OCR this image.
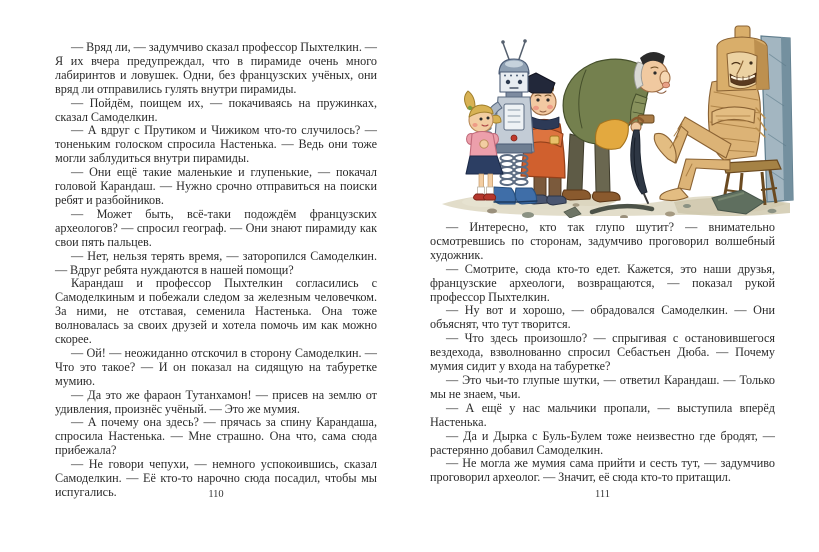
— Вряд ли, — задумчиво сказал профессор Пыхтелкин. — Я их вчера предупреждал, что в пирамиде очень много лабиринтов и ловушек. Одни, без французских учёных, они вряд ли отправились гулять внутри пирамиды.

— Пойдём, поищем их, — покачиваясь на пружинках, сказал Самоделкин.

— А вдруг с Прутиком и Чижиком что-то случилось? — тоненьким голоском спросила Настенька. — Ведь они тоже могли заблудиться внутри пирамиды.

— Они ещё такие маленькие и глупенькие, — покачал головой Карандаш. — Нужно срочно отправиться на поиски ребят и разбойников.

— Может быть, всё-таки подождём французских археологов? — спросил географ. — Они знают пирамиду как свои пять пальцев.

— Нет, нельзя терять время, — заторопился Самоделкин. — Вдруг ребята нуждаются в нашей помощи?

Карандаш и профессор Пыхтелкин согласились с Самоделкиным и побежали следом за железным человечком. За ними, не отставая, семенила Настенька. Она тоже волновалась за своих друзей и хотела помочь им как можно скорее.

— Ой! — неожиданно отскочил в сторону Самоделкин. — Что это такое? — И он показал на сидящую на табуретке мумию.

— Да это же фараон Тутанхамон! — присев на землю от удивления, произнёс учёный. — Это же мумия.

— А почему она здесь? — прячась за спину Карандаша, спросила Настенька. — Мне страшно. Она что, сама сюда прибежала?

— Не говори чепухи, — немного успокоившись, сказал Самоделкин. — Её кто-то нарочно сюда посадил, чтобы мы испугались.	110

— Интересно, кто так глупо шутит? — внимательно осмотревшись по сторонам, задумчиво проговорил волшебный художник.

— Смотрите, сюда кто-то едет. Кажется, это наши друзья, французские археологи, возвращаются, — показал рукой профессор Пыхтелкин.

— Ну вот и хорошо, — обрадовался Самоделкин. — Они объяснят, что тут творится.

— Что здесь произошло? — спрыгивая с остановившегося вездехода, взволнованно спросил Себастьен Дюба. — Почему мумия сидит у входа на табуретке?

— Это чьи-то глупые шутки, — ответил Карандаш. — Только мы не знаем, чьи.

— А ещё у нас мальчики пропали, — выступила вперёд Настенька.

— Да и Дырка с Буль-Булем тоже неизвестно где бродят, — растерянно добавил Самоделкин.

— Не могла же мумия сама прийти и сесть тут, — задумчиво проговорил археолог. — Значит, её сюда кто-то притащил.

111
